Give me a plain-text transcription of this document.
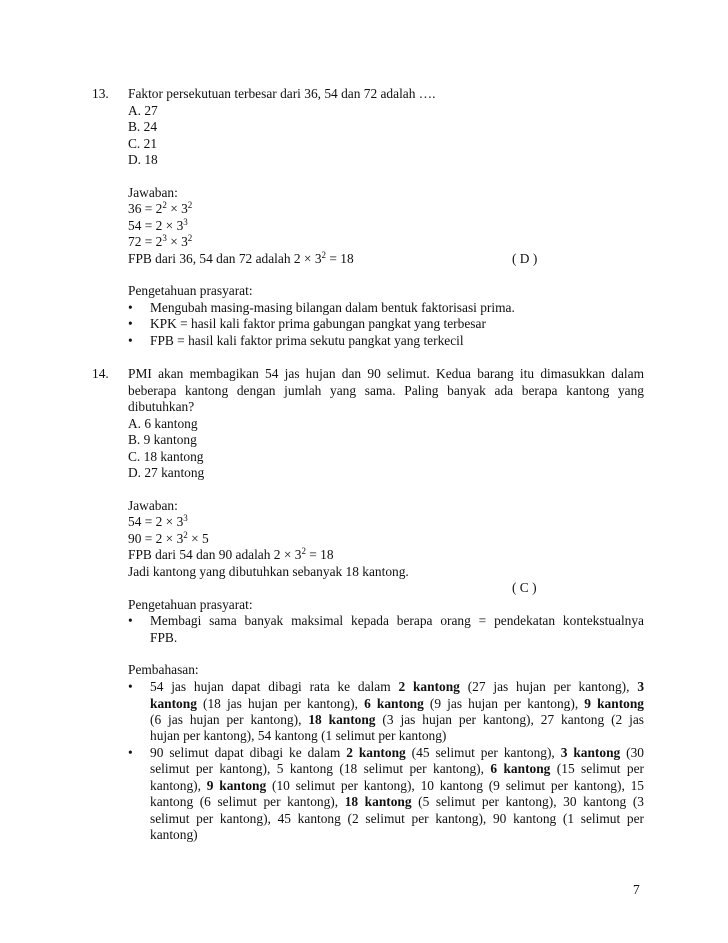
13. Faktor persekutuan terbesar dari 36, 54 dan 72 adalah ….
A. 27
B. 24
C. 21
D. 18
Jawaban:
$36 = 2^2 \times 3^2$
$54 = 2 \times 3^3$
$72 = 2^3 \times 3^2$
FPB dari 36, 54 dan 72 adalah $2 \times 3^2 = 18$	( D )
Pengetahuan prasyarat:
• Mengubah masing-masing bilangan dalam bentuk faktorisasi prima.
• KPK = hasil kali faktor prima gabungan pangkat yang terbesar
• FPB = hasil kali faktor prima sekutu pangkat yang terkecil
14. PMI akan membagikan 54 jas hujan dan 90 selimut. Kedua barang itu dimasukkan dalam
beberapa kantong dengan jumlah yang sama. Paling banyak ada berapa kantong yang
dibutuhkan?
A. 6 kantong
B. 9 kantong
C. 18 kantong
D. 27 kantong
Jawaban:
$54 = 2 \times 3^3$
$90 = 2 \times 3^2 \times 5$
FPB dari 54 dan 90 adalah $2 \times 3^2 = 18$
Jadi kantong yang dibutuhkan sebanyak 18 kantong.
( C )
Pengetahuan prasyarat:
• Membagi sama banyak maksimal kepada berapa orang = pendekatan kontekstualnya
FPB.
Pembahasan:
• 54 jas hujan dapat dibagi rata ke dalam 2 kantong (27 jas hujan per kantong), 3
kantong (18 jas hujan per kantong), 6 kantong (9 jas hujan per kantong), 9 kantong
(6 jas hujan per kantong), 18 kantong (3 jas hujan per kantong), 27 kantong (2 jas
hujan per kantong), 54 kantong (1 selimut per kantong)
• 90 selimut dapat dibagi ke dalam 2 kantong (45 selimut per kantong), 3 kantong (30
selimut per kantong), 5 kantong (18 selimut per kantong), 6 kantong (15 selimut per
kantong), 9 kantong (10 selimut per kantong), 10 kantong (9 selimut per kantong), 15
kantong (6 selimut per kantong), 18 kantong (5 selimut per kantong), 30 kantong (3
selimut per kantong), 45 kantong (2 selimut per kantong), 90 kantong (1 selimut per
kantong)
7
